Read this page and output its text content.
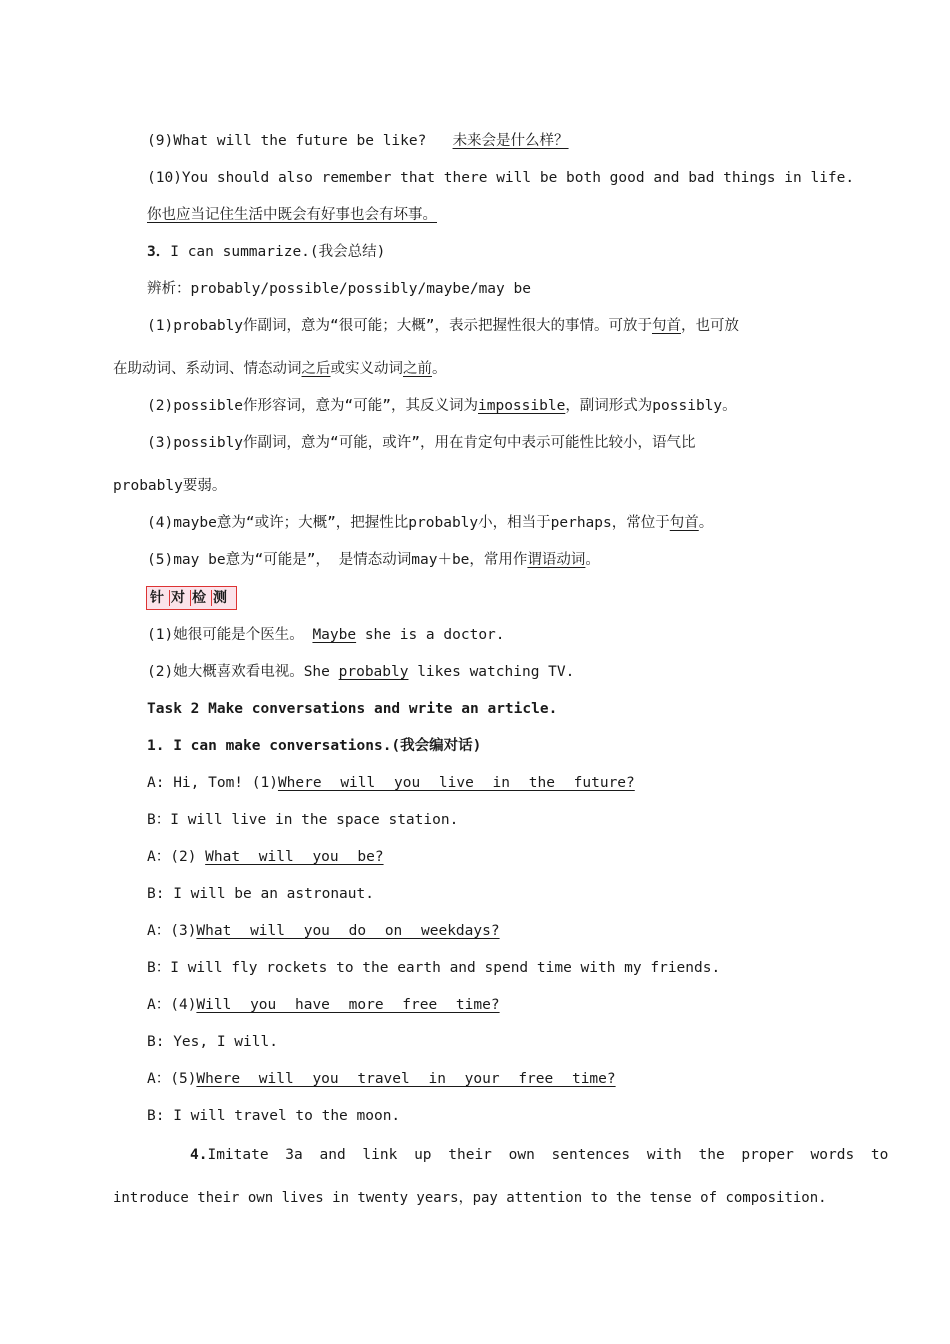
(9)What will the future be like? 未来会是什么样？
(10)You should also remember that there will be both good and bad things in life.
你也应当记住生活中既会有好事也会有坏事。
3．I can summarize.(我会总结)
辨析：probably/possible/possibly/maybe/may be
(1)probably作副词，意为“很可能；大概”，表示把握性很大的事情。可放于句首，也可放
在助动词、系动词、情态动词之后或实义动词之前。
(2)possible作形容词，意为“可能”，其反义词为impossible，副词形式为possibly。
(3)possibly作副词，意为“可能，或许”，用在肯定句中表示可能性比较小，语气比
probably要弱。
(4)maybe意为“或许；大概”，把握性比probably小，相当于perhaps，常位于句首。
(5)may be意为“可能是”， 是情态动词may＋be，常用作谓语动词。
针 对 检 测
(1)她很可能是个医生。 Maybe she is a doctor.
(2)她大概喜欢看电视。She probably likes watching TV.
Task 2 Make conversations and write an article.
1. I can make conversations.(我会编对话)
A: Hi, Tom! (1)Where will you live in the future?
B：I will live in the space station.
A：(2) What will you be?
B: I will be an astronaut.
A：(3)What will you do on weekdays?
B：I will fly rockets to the earth and spend time with my friends.
A：(4)Will you have more free time?
B: Yes, I will.
A：(5)Where will you travel in your free time?
B: I will travel to the moon.
4.Imitate 3a and link up their own sentences with the proper words to
introduce their own lives in twenty years，pay attention to the tense of composition.
